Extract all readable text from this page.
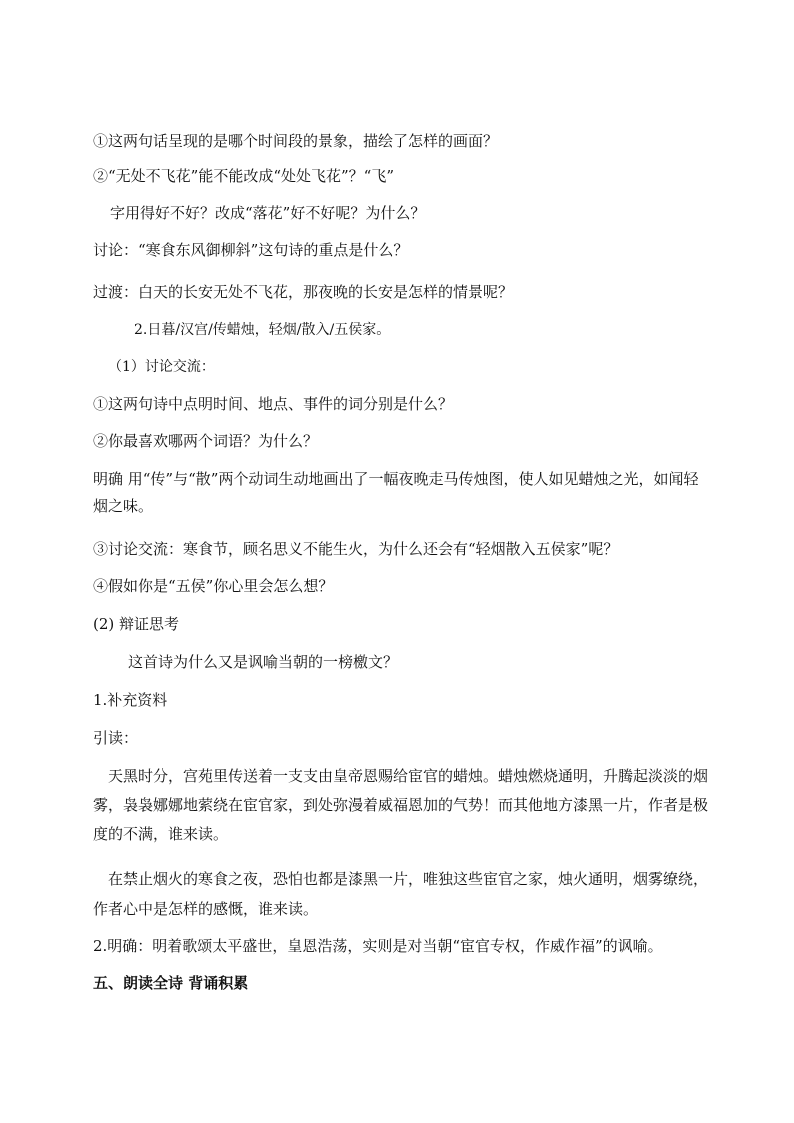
①这两句话呈现的是哪个时间段的景象，描绘了怎样的画面？
②“无处不飞花”能不能改成“处处飞花”？“飞”
字用得好不好？改成“落花”好不好呢？为什么？
讨论：“寒食东风御柳斜”这句诗的重点是什么？
过渡：白天的长安无处不飞花，那夜晚的长安是怎样的情景呢？
2.日暮/汉宫/传蜡烛，轻烟/散入/五侯家。
（1）讨论交流：
①这两句诗中点明时间、地点、事件的词分别是什么？
②你最喜欢哪两个词语？为什么？
明确 用“传”与“散”两个动词生动地画出了一幅夜晚走马传烛图，使人如见蜡烛之光，如闻轻烟之味。
③讨论交流：寒食节，顾名思义不能生火，为什么还会有“轻烟散入五侯家”呢？
④假如你是“五侯”你心里会怎么想？
(2) 辩证思考
这首诗为什么又是讽喻当朝的一榜檄文？
1.补充资料
引读：
天黑时分，宫苑里传送着一支支由皇帝恩赐给宦官的蜡烛。蜡烛燃烧通明，升腾起淡淡的烟雾，袅袅娜娜地萦绕在宦官家，到处弥漫着威福恩加的气势！而其他地方漆黑一片，作者是极度的不满，谁来读。
在禁止烟火的寒食之夜，恐怕也都是漆黑一片，唯独这些宦官之家，烛火通明，烟雾缭绕，作者心中是怎样的感慨，谁来读。
2.明确：明着歌颂太平盛世，皇恩浩荡，实则是对当朝“宦官专权，作威作福”的讽喻。
五、朗读全诗 背诵积累
